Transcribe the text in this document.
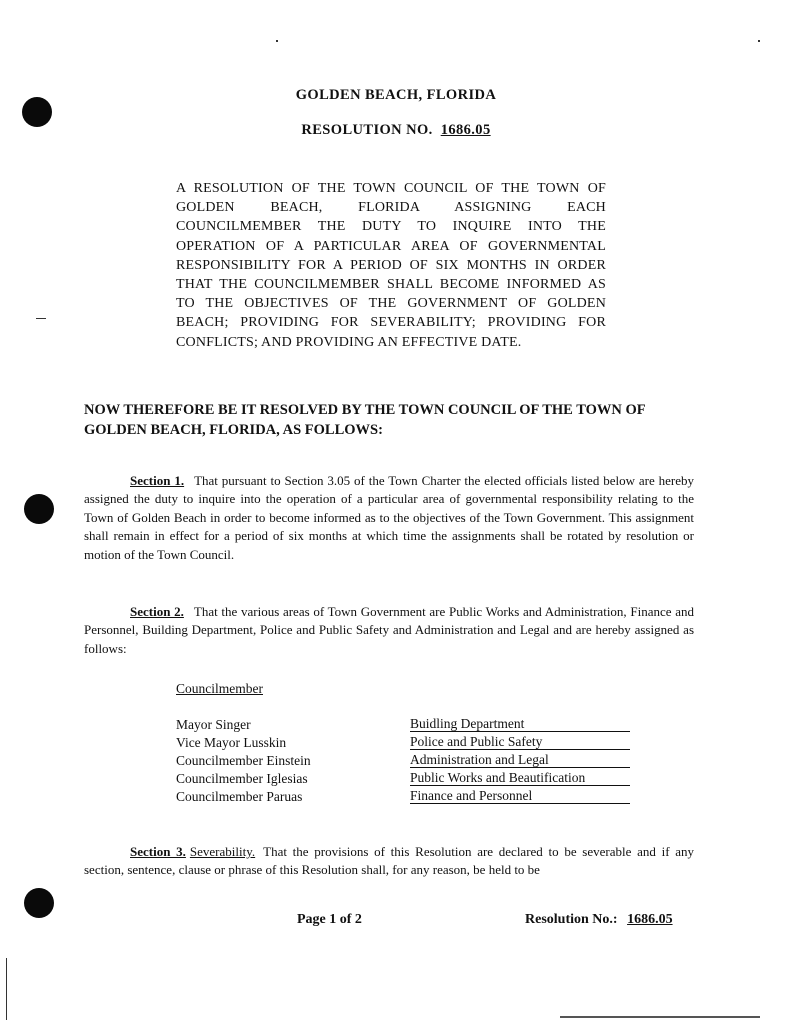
GOLDEN BEACH, FLORIDA
RESOLUTION NO. 1686.05
A RESOLUTION OF THE TOWN COUNCIL OF THE TOWN OF GOLDEN BEACH, FLORIDA ASSIGNING EACH COUNCILMEMBER THE DUTY TO INQUIRE INTO THE OPERATION OF A PARTICULAR AREA OF GOVERNMENTAL RESPONSIBILITY FOR A PERIOD OF SIX MONTHS IN ORDER THAT THE COUNCILMEMBER SHALL BECOME INFORMED AS TO THE OBJECTIVES OF THE GOVERNMENT OF GOLDEN BEACH; PROVIDING FOR SEVERABILITY; PROVIDING FOR CONFLICTS; AND PROVIDING AN EFFECTIVE DATE.
NOW THEREFORE BE IT RESOLVED BY THE TOWN COUNCIL OF THE TOWN OF GOLDEN BEACH, FLORIDA, AS FOLLOWS:
Section 1. That pursuant to Section 3.05 of the Town Charter the elected officials listed below are hereby assigned the duty to inquire into the operation of a particular area of governmental responsibility relating to the Town of Golden Beach in order to become informed as to the objectives of the Town Government. This assignment shall remain in effect for a period of six months at which time the assignments shall be rotated by resolution or motion of the Town Council.
Section 2. That the various areas of Town Government are Public Works and Administration, Finance and Personnel, Building Department, Police and Public Safety and Administration and Legal and are hereby assigned as follows:
Councilmember
Mayor Singer	Buidling Department
Vice Mayor Lusskin	Police and Public Safety
Councilmember Einstein	Administration and Legal
Councilmember Iglesias	Public Works and Beautification
Councilmember Paruas	Finance and Personnel
Section 3. Severability. That the provisions of this Resolution are declared to be severable and if any section, sentence, clause or phrase of this Resolution shall, for any reason, be held to be
Page 1 of 2	Resolution No.: 1686.05
